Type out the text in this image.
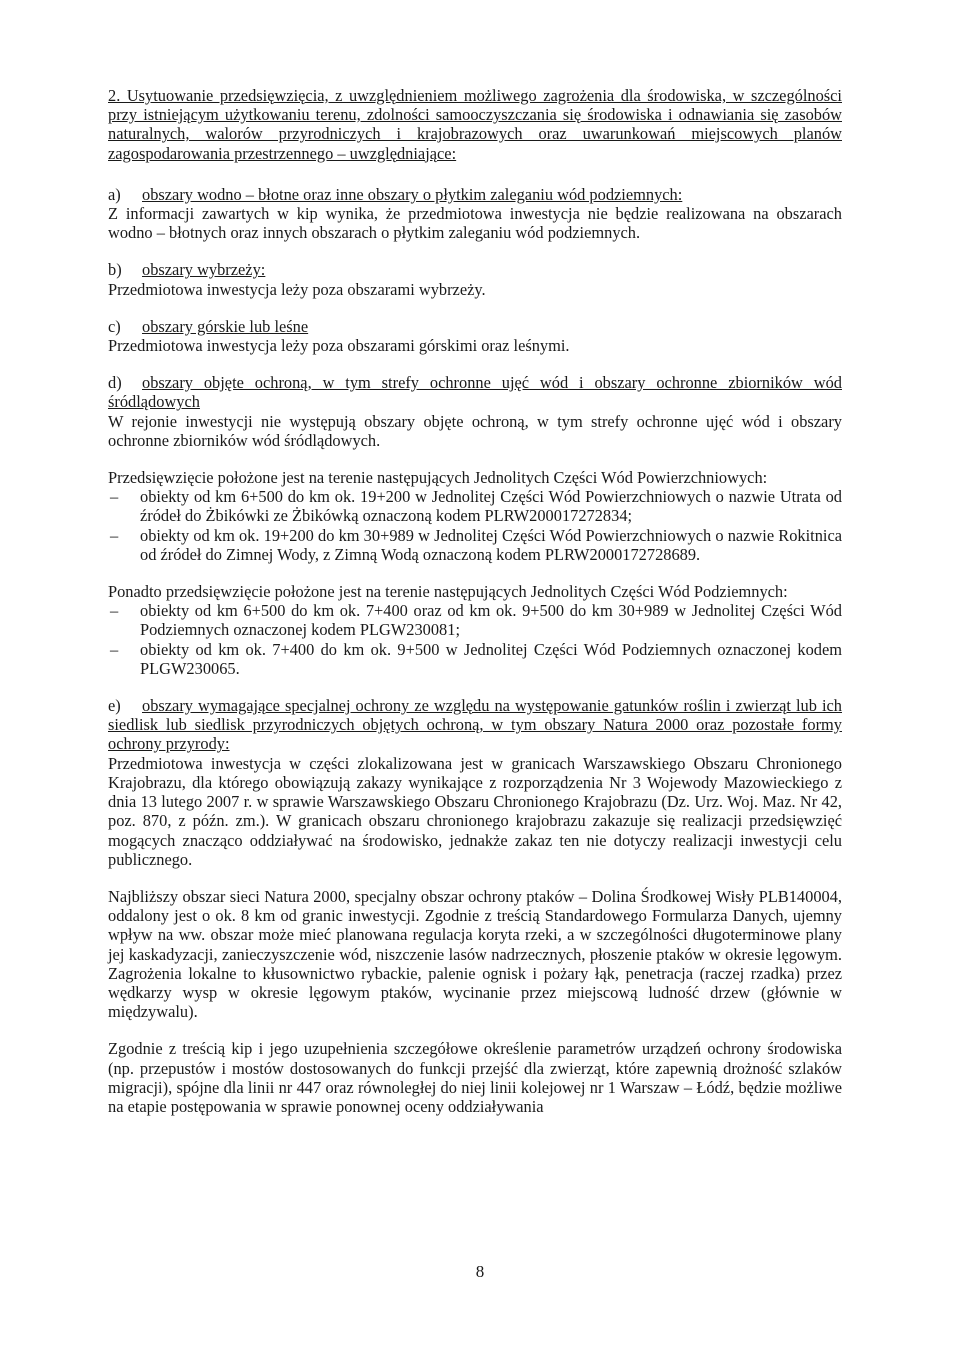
2. Usytuowanie przedsięwzięcia, z uwzględnieniem możliwego zagrożenia dla środowiska, w szczególności przy istniejącym użytkowaniu terenu, zdolności samooczyszczania się środowiska i odnawiania się zasobów naturalnych, walorów przyrodniczych i krajobrazowych oraz uwarunkowań miejscowych planów zagospodarowania przestrzennego – uwzględniające:

a)	obszary wodno – błotne oraz inne obszary o płytkim zaleganiu wód podziemnych:

Z informacji zawartych w kip wynika, że przedmiotowa inwestycja nie będzie realizowana na obszarach wodno – błotnych oraz innych obszarach o płytkim zaleganiu wód podziemnych.

b)	obszary wybrzeży:

Przedmiotowa inwestycja leży poza obszarami wybrzeży.

c)	obszary górskie lub leśne

Przedmiotowa inwestycja leży poza obszarami górskimi oraz leśnymi.

d) obszary objęte ochroną, w tym strefy ochronne ujęć wód i obszary ochronne zbiorników wód śródlądowych

W rejonie inwestycji nie występują obszary objęte ochroną, w tym strefy ochronne ujęć wód i obszary ochronne zbiorników wód śródlądowych.

Przedsięwzięcie położone jest na terenie następujących Jednolitych Części Wód Powierzchniowych:

–	obiekty od km 6+500 do km ok. 19+200 w Jednolitej Części Wód Powierzchniowych o nazwie Utrata od źródeł do Żbikówki ze Żbikówką oznaczoną kodem PLRW200017272834;
–	obiekty od km ok. 19+200 do km 30+989 w Jednolitej Części Wód Powierzchniowych o nazwie Rokitnica od źródeł do Zimnej Wody, z Zimną Wodą oznaczoną kodem PLRW2000172728689.

Ponadto przedsięwzięcie położone jest na terenie następujących Jednolitych Części Wód Podziemnych:

–	obiekty od km 6+500 do km ok. 7+400 oraz od km ok. 9+500 do km 30+989 w Jednolitej Części Wód Podziemnych oznaczonej kodem PLGW230081;
–	obiekty od km ok. 7+400 do km ok. 9+500 w Jednolitej Części Wód Podziemnych oznaczonej kodem PLGW230065.

e) obszary wymagające specjalnej ochrony ze względu na występowanie gatunków roślin i zwierząt lub ich siedlisk lub siedlisk przyrodniczych objętych ochroną, w tym obszary Natura 2000 oraz pozostałe formy ochrony przyrody:

Przedmiotowa inwestycja w części zlokalizowana jest w granicach Warszawskiego Obszaru Chronionego Krajobrazu, dla którego obowiązują zakazy wynikające z rozporządzenia Nr 3 Wojewody Mazowieckiego z dnia 13 lutego 2007 r. w sprawie Warszawskiego Obszaru Chronionego Krajobrazu (Dz. Urz. Woj. Maz. Nr 42, poz. 870, z późn. zm.). W granicach obszaru chronionego krajobrazu zakazuje się realizacji przedsięwzięć mogących znacząco oddziaływać na środowisko, jednakże zakaz ten nie dotyczy realizacji inwestycji celu publicznego.

Najbliższy obszar sieci Natura 2000, specjalny obszar ochrony ptaków – Dolina Środkowej Wisły PLB140004, oddalony jest o ok. 8 km od granic inwestycji. Zgodnie z treścią Standardowego Formularza Danych, ujemny wpływ na ww. obszar może mieć planowana regulacja koryta rzeki, a w szczególności długoterminowe plany jej kaskadyzacji, zanieczyszczenie wód, niszczenie lasów nadrzecznych, płoszenie ptaków w okresie lęgowym. Zagrożenia lokalne to kłusownictwo rybackie, palenie ognisk i pożary łąk, penetracja (raczej rzadka) przez wędkarzy wysp w okresie lęgowym ptaków, wycinanie przez miejscową ludność drzew (głównie w międzywalu).

Zgodnie z treścią kip i jego uzupełnienia szczegółowe określenie parametrów urządzeń ochrony środowiska (np. przepustów i mostów dostosowanych do funkcji przejść dla zwierząt, które zapewnią drożność szlaków migracji), spójne dla linii nr 447 oraz równoległej do niej linii kolejowej nr 1 Warszaw – Łódź, będzie możliwe na etapie postępowania w sprawie ponownej oceny oddziaływania

8
